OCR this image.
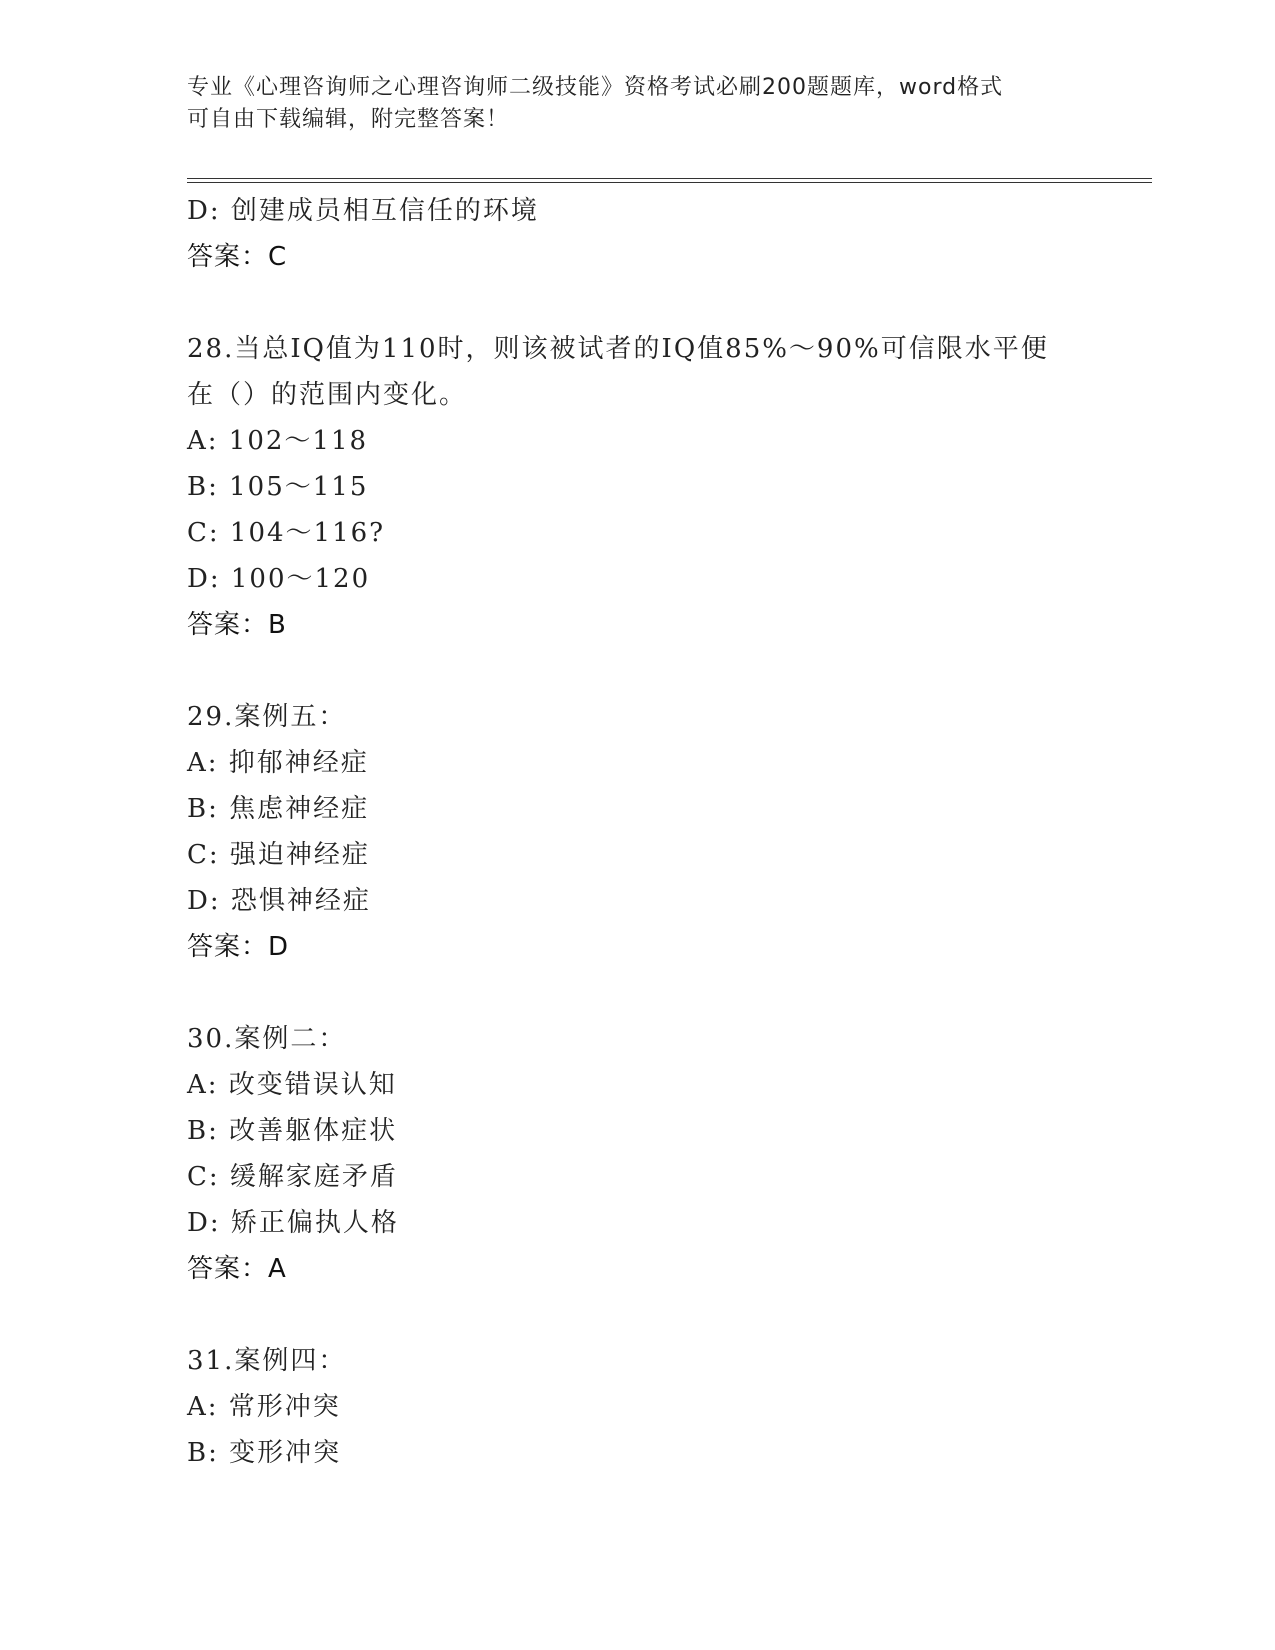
专业《心理咨询师之心理咨询师二级技能》资格考试必刷200题题库，word格式
可自由下载编辑，附完整答案！
D: 创建成员相互信任的环境
答案：C
28.当总IQ值为110时，则该被试者的IQ值85%～90%可信限水平便
在（）的范围内变化。
A: 102～118
B: 105～115
C: 104～116?
D: 100～120
答案：B
29.案例五：
A: 抑郁神经症
B: 焦虑神经症
C: 强迫神经症
D: 恐惧神经症
答案：D
30.案例二：
A: 改变错误认知
B: 改善躯体症状
C: 缓解家庭矛盾
D: 矫正偏执人格
答案：A
31.案例四：
A: 常形冲突
B: 变形冲突
